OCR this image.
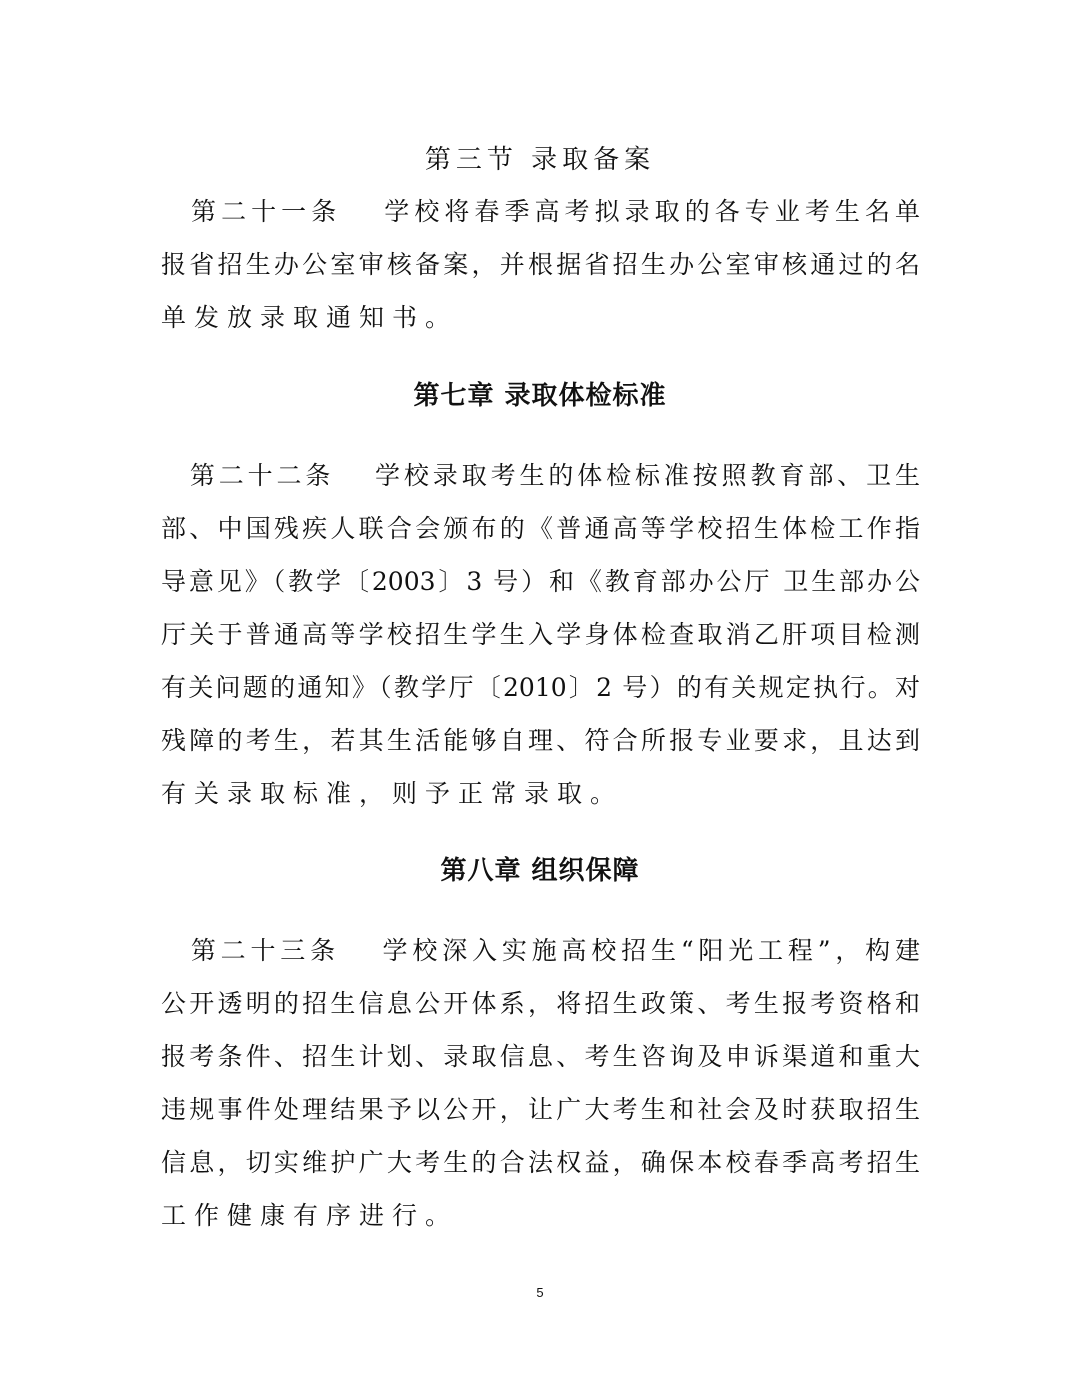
第三节 录取备案
　第二十一条　 学校将春季高考拟录取的各专业考生名单
报省招生办公室审核备案，并根据省招生办公室审核通过的名
单发放录取通知书。
第七章 录取体检标准
　第二十二条　 学校录取考生的体检标准按照教育部、卫生
部、中国残疾人联合会颁布的《普通高等学校招生体检工作指
导意见》（教学〔2003〕3 号）和《教育部办公厅 卫生部办公
厅关于普通高等学校招生学生入学身体检查取消乙肝项目检测
有关问题的通知》（教学厅〔2010〕2 号）的有关规定执行。对
残障的考生，若其生活能够自理、符合所报专业要求，且达到
有关录取标准，则予正常录取。
第八章 组织保障
　第二十三条　 学校深入实施高校招生“阳光工程”，构建
公开透明的招生信息公开体系，将招生政策、考生报考资格和
报考条件、招生计划、录取信息、考生咨询及申诉渠道和重大
违规事件处理结果予以公开，让广大考生和社会及时获取招生
信息，切实维护广大考生的合法权益，确保本校春季高考招生
工作健康有序进行。
5
